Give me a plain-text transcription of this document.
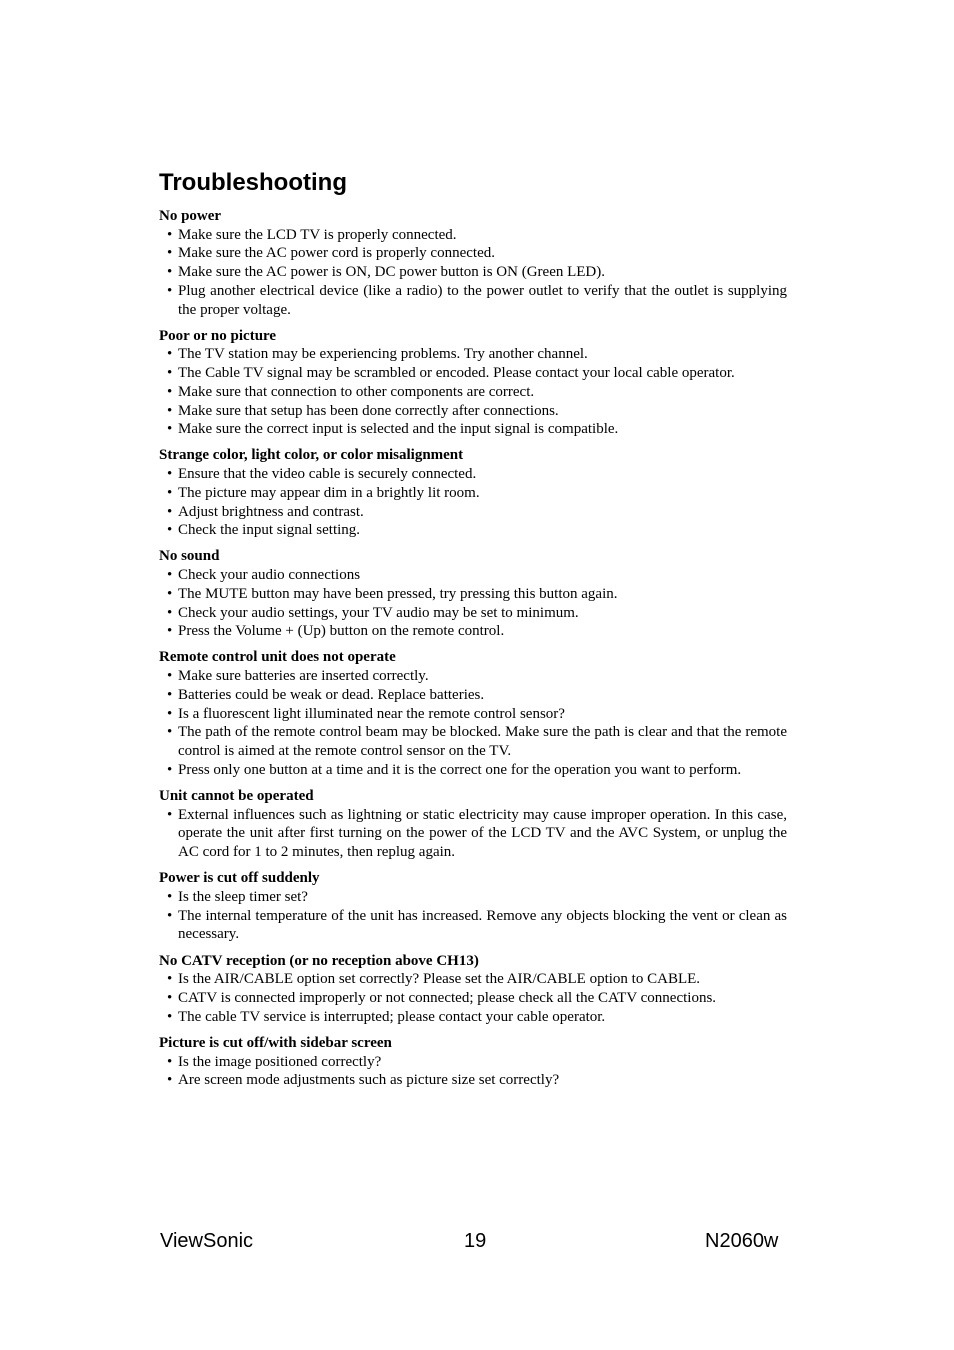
Troubleshooting
No power
• Make sure the LCD TV is properly connected.
• Make sure the AC power cord is properly connected.
• Make sure the AC power is ON, DC power button is ON (Green LED).
• Plug another electrical device (like a radio) to the power outlet to verify that the outlet is supplying the proper voltage.
Poor or no picture
• The TV station may be experiencing problems. Try another channel.
• The Cable TV signal may be scrambled or encoded. Please contact your local cable operator.
• Make sure that connection to other components are correct.
• Make sure that setup has been done correctly after connections.
• Make sure the correct input is selected and the input signal is compatible.
Strange color, light color, or color misalignment
• Ensure that the video cable is securely connected.
• The picture may appear dim in a brightly lit room.
• Adjust brightness and contrast.
• Check the input signal setting.
No sound
• Check your audio connections
• The MUTE button may have been pressed, try pressing this button again.
• Check your audio settings, your TV audio may be set to minimum.
• Press the Volume + (Up) button on the remote control.
Remote control unit does not operate
• Make sure batteries are inserted correctly.
• Batteries could be weak or dead. Replace batteries.
• Is a fluorescent light illuminated near the remote control sensor?
• The path of the remote control beam may be blocked. Make sure the path is clear and that the remote control is aimed at the remote control sensor on the TV.
• Press only one button at a time and it is the correct one for the operation you want to perform.
Unit cannot be operated
• External influences such as lightning or static electricity may cause improper operation. In this case, operate the unit after first turning on the power of the LCD TV and the AVC System, or unplug the AC cord for 1 to 2 minutes, then replug again.
Power is cut off suddenly
• Is the sleep timer set?
• The internal temperature of the unit has increased. Remove any objects blocking the vent or clean as necessary.
No CATV reception (or no reception above CH13)
• Is the AIR/CABLE option set correctly? Please set the AIR/CABLE option to CABLE.
• CATV is connected improperly or not connected; please check all the CATV connections.
• The cable TV service is interrupted; please contact your cable operator.
Picture is cut off/with sidebar screen
• Is the image positioned correctly?
• Are screen mode adjustments such as picture size set correctly?
ViewSonic	19	N2060w
